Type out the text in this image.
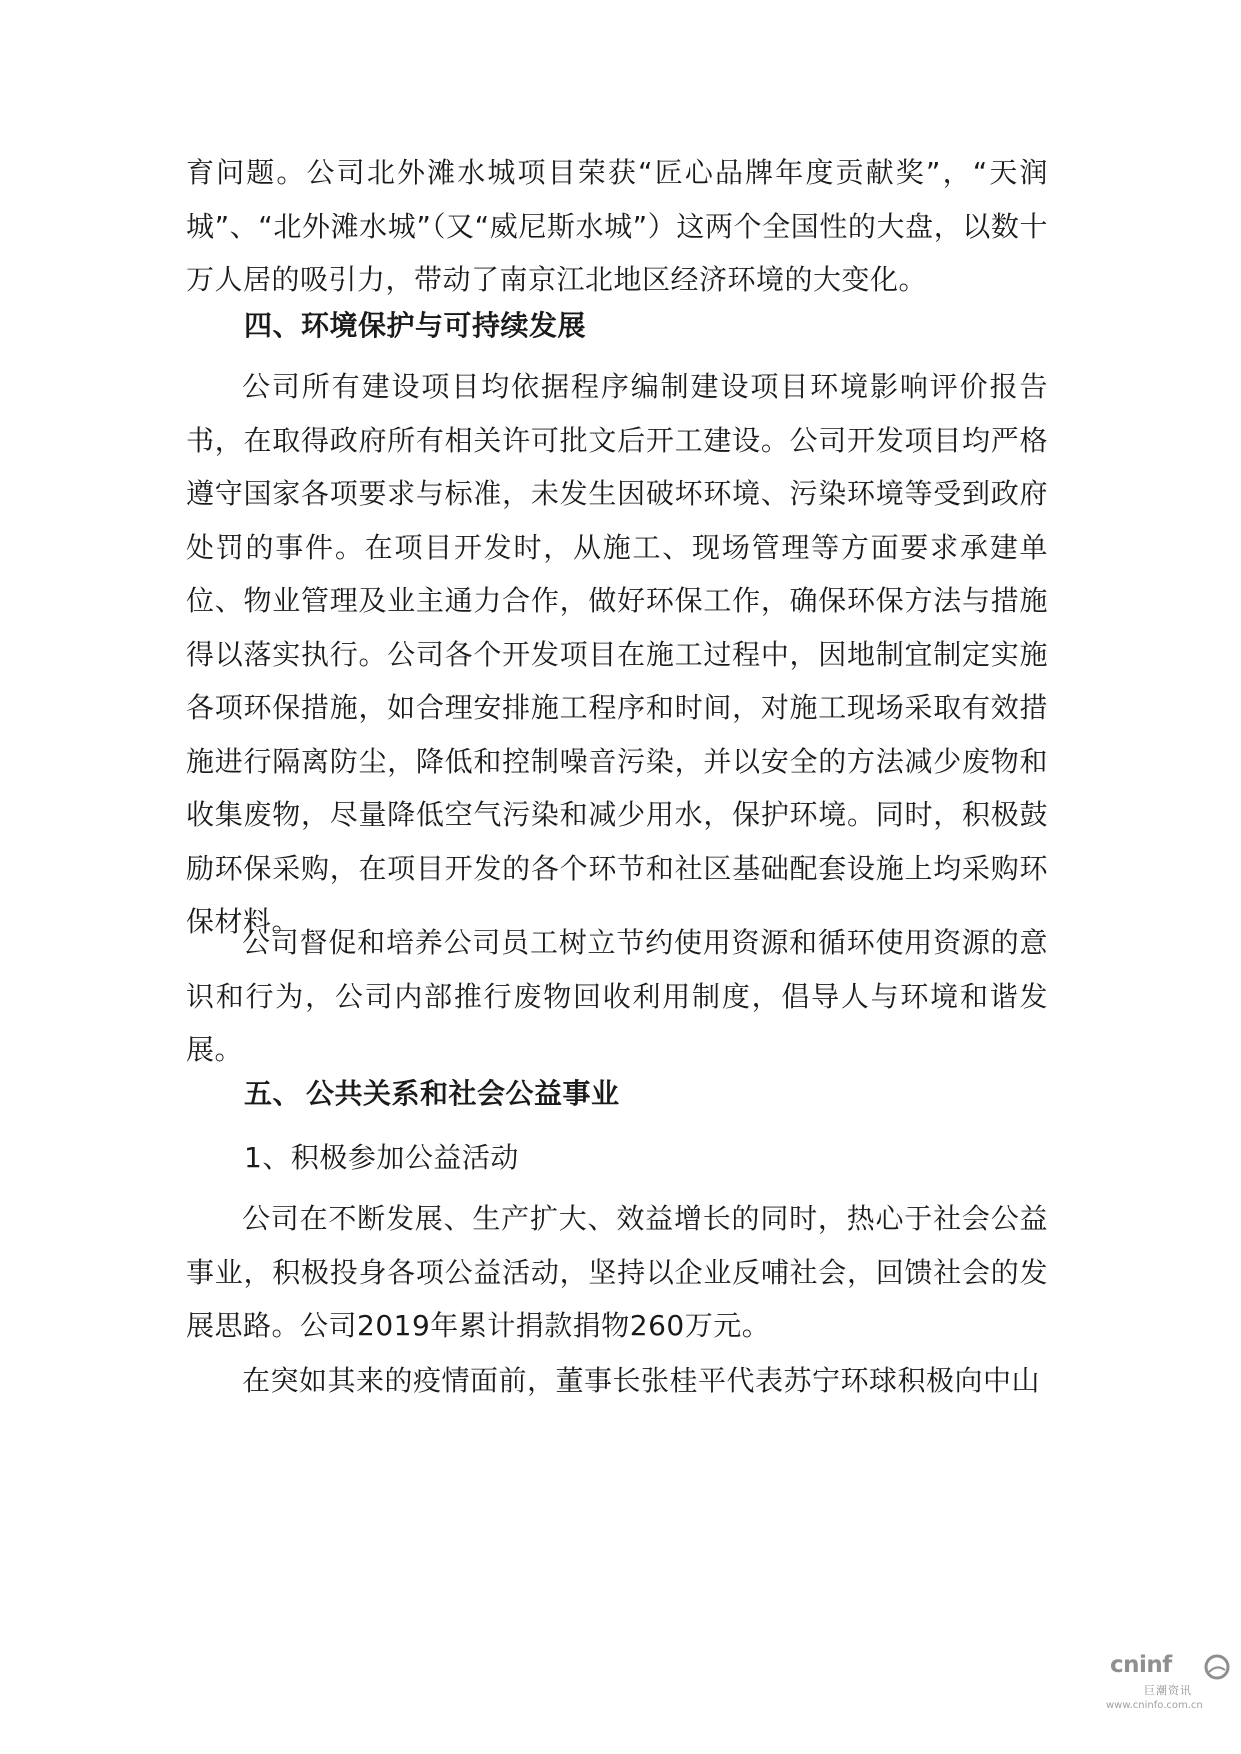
育问题。公司北外滩水城项目荣获“匠心品牌年度贡献奖”，“天润城”、“北外滩水城”（又“威尼斯水城”）这两个全国性的大盘，以数十万人居的吸引力，带动了南京江北地区经济环境的大变化。
四、环境保护与可持续发展
公司所有建设项目均依据程序编制建设项目环境影响评价报告书，在取得政府所有相关许可批文后开工建设。公司开发项目均严格遵守国家各项要求与标准，未发生因破坏环境、污染环境等受到政府处罚的事件。在项目开发时，从施工、现场管理等方面要求承建单位、物业管理及业主通力合作，做好环保工作，确保环保方法与措施得以落实执行。公司各个开发项目在施工过程中，因地制宜制定实施各项环保措施，如合理安排施工程序和时间，对施工现场采取有效措施进行隔离防尘，降低和控制噪音污染，并以安全的方法减少废物和收集废物，尽量降低空气污染和减少用水，保护环境。同时，积极鼓励环保采购，在项目开发的各个环节和社区基础配套设施上均采购环保材料。
公司督促和培养公司员工树立节约使用资源和循环使用资源的意识和行为，公司内部推行废物回收利用制度，倡导人与环境和谐发展。
五、 公共关系和社会公益事业
1、积极参加公益活动
公司在不断发展、生产扩大、效益增长的同时，热心于社会公益事业，积极投身各项公益活动，坚持以企业反哺社会，回馈社会的发展思路。公司2019年累计捐款捐物260万元。
在突如其来的疫情面前，董事长张桂平代表苏宁环球积极向中山
cninf
巨潮资讯
www.cninfo.com.cn
